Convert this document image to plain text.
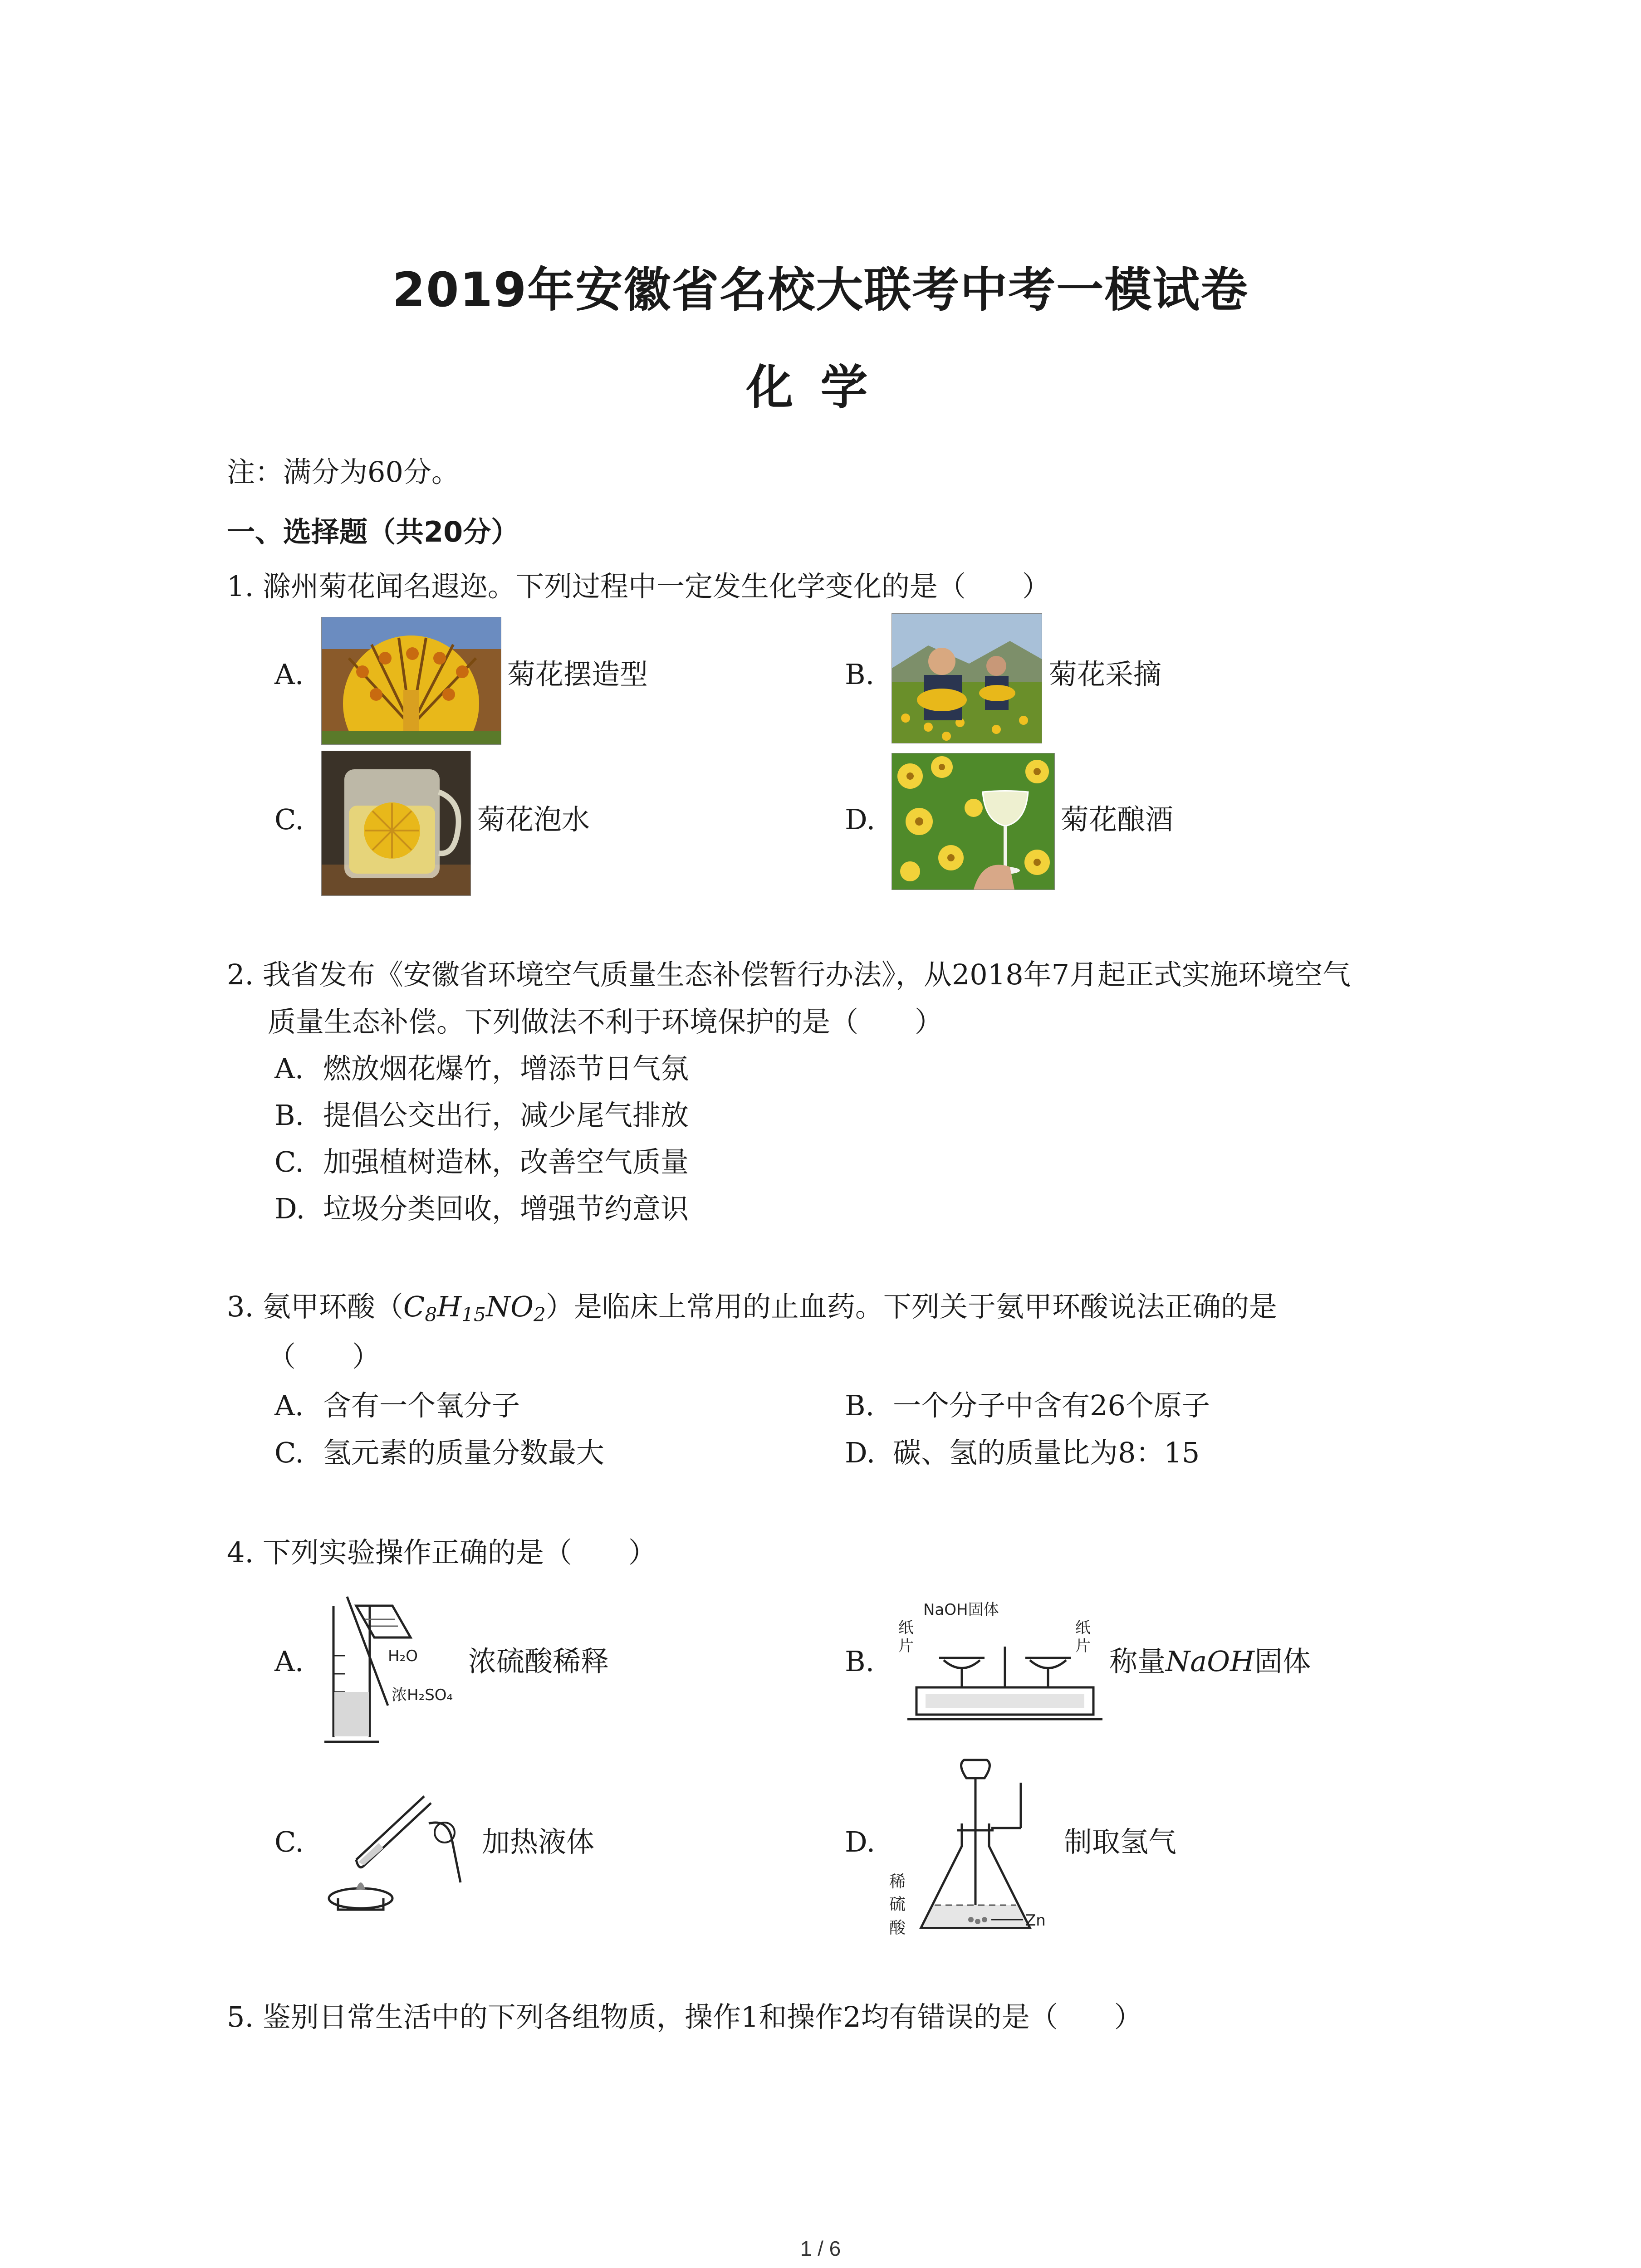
2019年安徽省名校大联考中考一模试卷
化学
注：满分为60分。
一、选择题（共20分）
1. 滁州菊花闻名遐迩。下列过程中一定发生化学变化的是（　　）
A.	菊花摆造型	B.	菊花采摘
C.	菊花泡水	D.	菊花酿酒
2. 我省发布《安徽省环境空气质量生态补偿暂行办法》，从2018年7月起正式实施环境空气
质量生态补偿。下列做法不利于环境保护的是（　　）
A. 燃放烟花爆竹，增添节日气氛
B. 提倡公交出行，减少尾气排放
C. 加强植树造林，改善空气质量
D. 垃圾分类回收，增强节约意识
3. 氨甲环酸$(C_8H_{15}NO_2)$是临床上常用的止血药。下列关于氨甲环酸说法正确的是
（　　）
A. 含有一个氧分子	B. 一个分子中含有26个原子
C. 氢元素的质量分数最大	D. 碳、氢的质量比为8：15
4. 下列实验操作正确的是（　　）
A.	H₂O
浓H₂SO₄
浓硫酸稀释	B.
NaOH固体
纸
片
纸
片 称量NaOH固体
C.	加热液体	D.
稀
硫
酸	Zn
制取氢气
5. 鉴别日常生活中的下列各组物质，操作1和操作2均有错误的是（　　）
1 / 6
